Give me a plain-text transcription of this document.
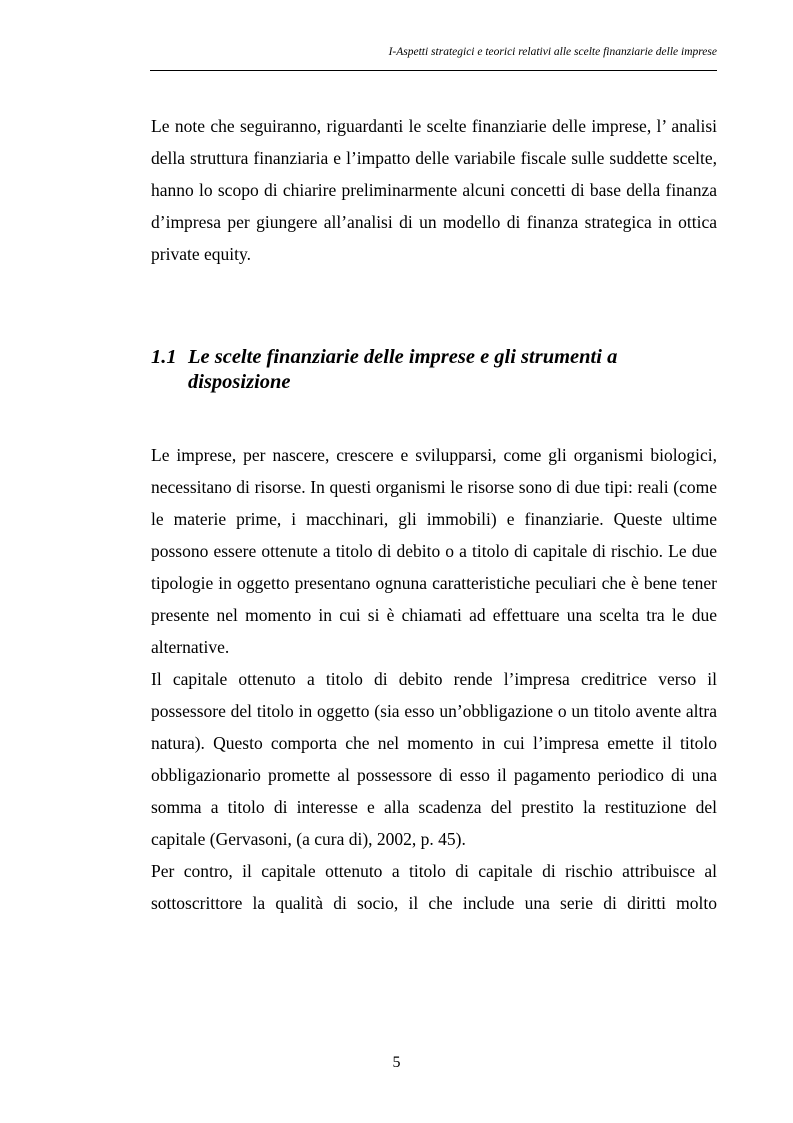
I-Aspetti strategici e teorici relativi alle scelte finanziarie delle imprese

Le note che seguiranno, riguardanti le scelte finanziarie delle imprese, l’ analisi della struttura finanziaria e l’impatto delle variabile fiscale sulle suddette scelte, hanno lo scopo di chiarire preliminarmente alcuni concetti di base della finanza d’impresa per giungere all’analisi di un modello di finanza strategica in ottica private equity.

1.1 Le scelte finanziarie delle imprese e gli strumenti a disposizione

Le imprese, per nascere, crescere e svilupparsi, come gli organismi biologici, necessitano di risorse. In questi organismi le risorse sono di due tipi: reali (come le materie prime, i macchinari, gli immobili) e finanziarie. Queste ultime possono essere ottenute a titolo di debito o a titolo di capitale di rischio. Le due tipologie in oggetto presentano ognuna caratteristiche peculiari che è bene tener presente nel momento in cui si è chiamati ad effettuare una scelta tra le due alternative.

Il capitale ottenuto a titolo di debito rende l’impresa creditrice verso il possessore del titolo in oggetto (sia esso un’obbligazione o un titolo avente altra natura). Questo comporta che nel momento in cui l’impresa emette il titolo obbligazionario promette al possessore di esso il pagamento periodico di una somma a titolo di interesse e alla scadenza del prestito la restituzione del capitale (Gervasoni, (a cura di), 2002, p. 45).

Per contro, il capitale ottenuto a titolo di capitale di rischio attribuisce al sottoscrittore la qualità di socio, il che include una serie di diritti molto

5
